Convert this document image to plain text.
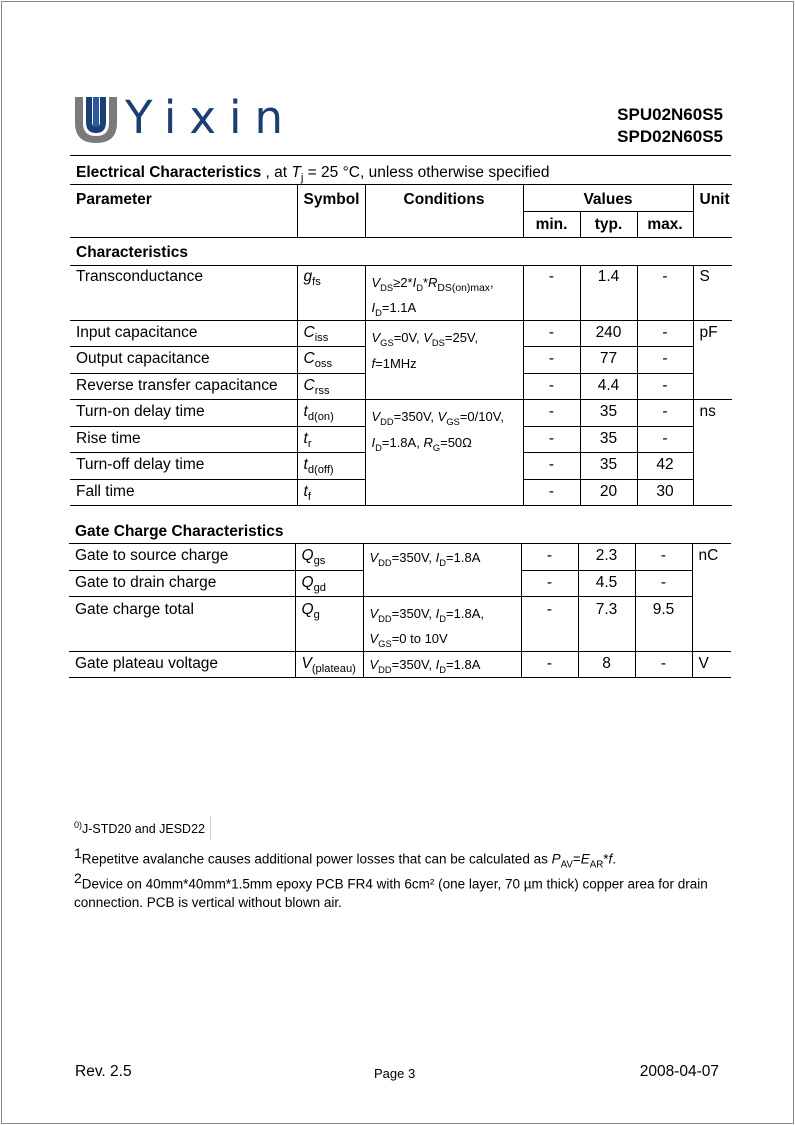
Yixin	SPU02N60S5
SPD02N60S5
Electrical Characteristics , at $T_j = 25$ °C, unless otherwise specified
Parameter	Symbol	Conditions	Values			Unit
			min.	typ.	max.	
Characteristics						
Transconductance	$g_{fs}$	$V_{DS}\ge 2*I_D*R_{DS(on)max}$,
$I_D=1.1A$	-	1.4	-	S
Input capacitance	$C_{iss}$	$V_{GS}=0V$, $V_{DS}=25V$,
f=1MHz	-	240	-	pF
Output capacitance	$C_{oss}$		-	77	-	
Reverse transfer capacitance	$C_{rss}$		-	4.4	-	
Turn-on delay time	$t_{d(on)}$	$V_{DD}=350V$, $V_{GS}=0/10V$,
$I_D=1.8A$, $R_G=50\Omega$	-	35	-	ns
Rise time	$t_r$		-	35	-	
Turn-off delay time	$t_{d(off)}$		-	35	42	
Fall time	$t_f$		-	20	30	
Gate Charge Characteristics
Gate to source charge	$Q_{gs}$	$V_{DD}=350V$, $I_D=1.8A$	-	2.3	-	nC
Gate to drain charge	$Q_{gd}$		-	4.5	-	
Gate charge total	$Q_g$	$V_{DD}=350V$, $I_D=1.8A$,
$V_{GS}=0$ to 10V	-	7.3	9.5	
Gate plateau voltage	$V_{(plateau)}$	$V_{DD}=350V$, $I_D=1.8A$	-	8	-	V
$^{0)}$J-STD20 and JESD22
$^1$Repetitve avalanche causes additional power losses that can be calculated as $P_{AV}=E_{AR}*f$.
$^2$Device on 40mm*40mm*1.5mm epoxy PCB FR4 with 6cm² (one layer, 70 µm thick) copper area for drain connection. PCB is vertical without blown air.
Rev. 2.5	Page 3	2008-04-07
